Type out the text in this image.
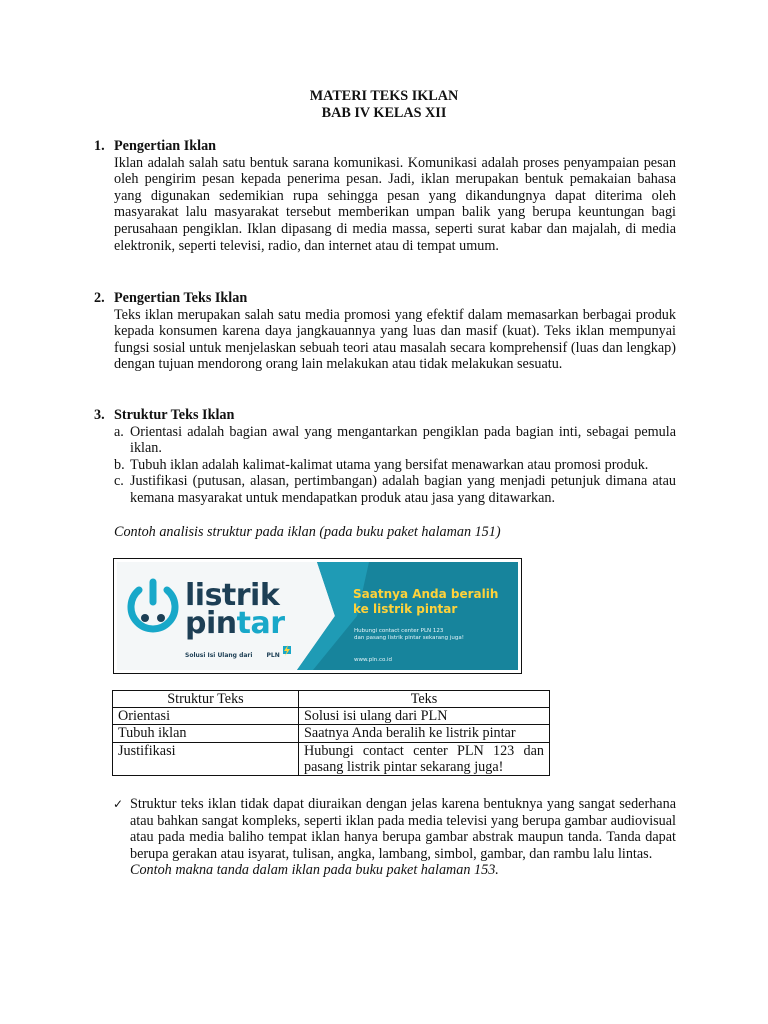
MATERI TEKS IKLAN
BAB IV KELAS XII
1. Pengertian Iklan
Iklan adalah salah satu bentuk sarana komunikasi. Komunikasi adalah proses penyampaian pesan oleh pengirim pesan kepada penerima pesan. Jadi, iklan merupakan bentuk pemakaian bahasa yang digunakan sedemikian rupa sehingga pesan yang dikandungnya dapat diterima oleh masyarakat lalu masyarakat tersebut memberikan umpan balik yang berupa keuntungan bagi perusahaan pengiklan. Iklan dipasang di media massa, seperti surat kabar dan majalah, di media elektronik, seperti televisi, radio, dan internet atau di tempat umum.
2. Pengertian Teks Iklan
Teks iklan merupakan salah satu media promosi yang efektif dalam memasarkan berbagai produk kepada konsumen karena daya jangkauannya yang luas dan masif (kuat). Teks iklan mempunyai fungsi sosial untuk menjelaskan sebuah teori atau masalah secara komprehensif (luas dan lengkap) dengan tujuan mendorong orang lain melakukan atau tidak melakukan sesuatu.
3. Struktur Teks Iklan
a. Orientasi adalah bagian awal yang mengantarkan pengiklan pada bagian inti, sebagai pemula iklan.
b. Tubuh iklan adalah kalimat-kalimat utama yang bersifat menawarkan atau promosi produk.
c. Justifikasi (putusan, alasan, pertimbangan) adalah bagian yang menjadi petunjuk dimana atau kemana masyarakat untuk mendapatkan produk atau jasa yang ditawarkan.
Contoh analisis struktur pada iklan (pada buku paket halaman 151)
listrik
pintar
Solusi Isi Ulang dari PLN
Saatnya Anda beralih
ke listrik pintar
Hubungi contact center PLN 123
dan pasang listrik pintar sekarang juga!
www.pln.co.id
Struktur Teks	Teks
Orientasi	Solusi isi ulang dari PLN
Tubuh iklan	Saatnya Anda beralih ke listrik pintar
Justifikasi	Hubungi contact center PLN 123 dan pasang listrik pintar sekarang juga!
✓ Struktur teks iklan tidak dapat diuraikan dengan jelas karena bentuknya yang sangat sederhana atau bahkan sangat kompleks, seperti iklan pada media televisi yang berupa gambar audiovisual atau pada media baliho tempat iklan hanya berupa gambar abstrak maupun tanda. Tanda dapat berupa gerakan atau isyarat, tulisan, angka, lambang, simbol, gambar, dan rambu lalu lintas.
Contoh makna tanda dalam iklan pada buku paket halaman 153.
